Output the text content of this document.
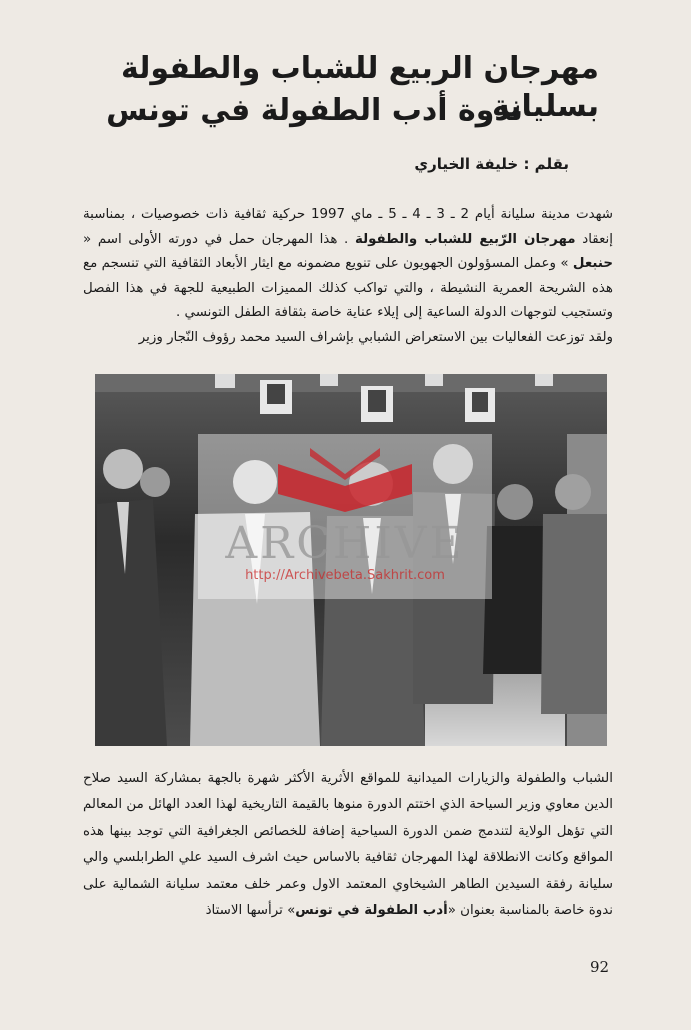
مهرجان الربيع للشباب والطفولة بسليانة
ندوة أدب الطفولة في تونس
بقلم : خليفة الخياري

شهدت مدينة سليانة أيام 2 ـ 3 ـ 4 ـ 5 ـ ماي 1997 حركية ثقافية ذات خصوصيات ، بمناسبة إنعقاد مهرجان الرّبيع للشباب والطفولة . هذا المهرجان حمل في دورته الأولى اسم « حنبعل » وعمل المسؤولون الجهويون على تنويع مضمونه مع ايثار الأبعاد الثقافية التي تنسجم مع هذه الشريحة العمرية النشيطة ، والتي تواكب كذلك المميزات الطبيعية للجهة في هذا الفصل وتستجيب لتوجهات الدولة الساعية إلى إيلاء عناية خاصة بثقافة الطفل التونسي .
ولقد توزعت الفعاليات بين الاستعراض الشبابي بإشراف السيد محمد رؤوف النّجار وزير

الشباب والطفولة والزيارات الميدانية للمواقع الأثرية الأكثر شهرة بالجهة بمشاركة السيد صلاح الدين معاوي وزير السياحة الذي اختتم الدورة منوها بالقيمة التاريخية لهذا العدد الهائل من المعالم التي تؤهل الولاية لتندمج ضمن الدورة السياحية إضافة للخصائص الجغرافية التي توجد بينها هذه المواقع وكانت الانطلاقة لهذا المهرجان ثقافية بالاساس حيث اشرف السيد علي الطرابلسي والي سليانة رفقة السيدين الطاهر الشيخاوي المعتمد الاول وعمر خلف معتمد سليانة الشمالية على ندوة خاصة بالمناسبة بعنوان «أدب الطفولة في تونس» ترأسها الاستاذ

ARCHIVE
http://Archivebeta.Sakhrit.com
92
